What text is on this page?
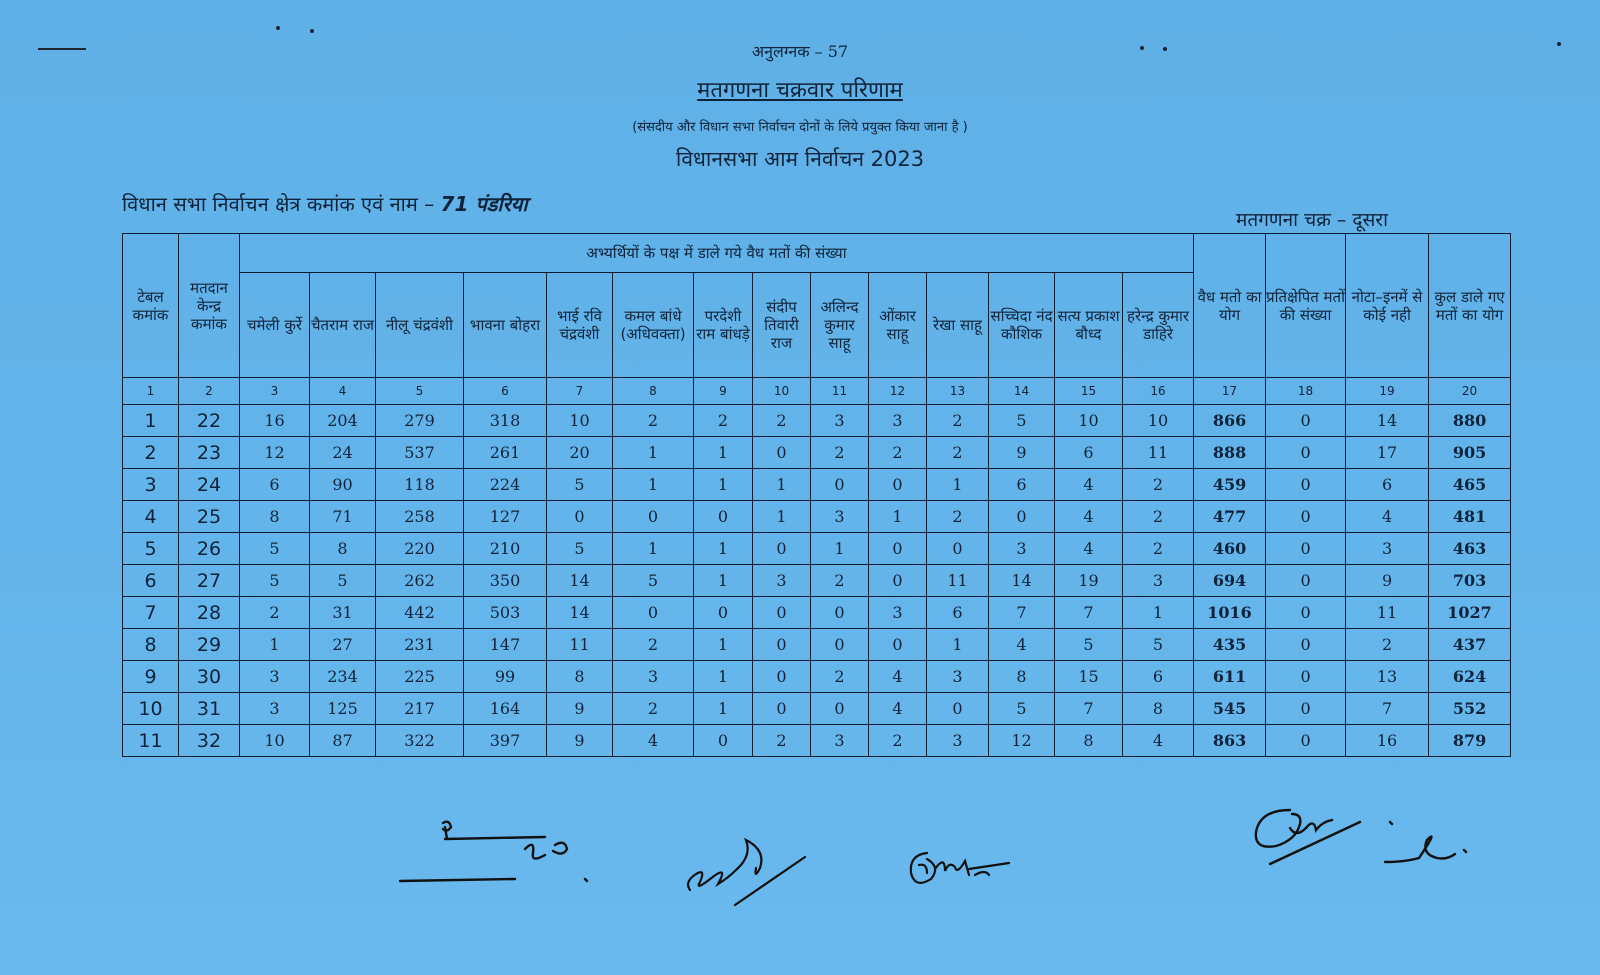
अनुलग्नक – 57
मतगणना चक्रवार परिणाम
(संसदीय और विधान सभा निर्वाचन दोनों के लिये प्रयुक्त किया जाना है )
विधानसभा आम निर्वाचन 2023
विधान सभा निर्वाचन क्षेत्र कमांक एवं नाम – 71 पंडरिया
मतगणना चक्र – दूसरा
टेबल कमांक	मतदान केन्द्र कमांक	अभ्यर्थियों के पक्ष में डाले गये वैध मतों की संख्या														वैध मतो का योग	प्रतिक्षेपित मतों की संख्या	नोटा–इनमें से कोई नही	कुल डाले गए मतों का योग
		चमेली कुर्रे	चैतराम राज	नीलू चंद्रवंशी	भावना बोहरा	भाई रवि चंद्रवंशी	कमल बांधे (अधिवक्ता)	परदेशी राम बांधड़े	संदीप तिवारी राज	अलिन्द कुमार साहू	ओंकार साहू	रेखा साहू	सच्चिदा नंद कौशिक	सत्य प्रकाश बौध्द	हरेन्द्र कुमार डाहिरे				
1	2	3	4	5	6	7	8	9	10	11	12	13	14	15	16	17	18	19	20
1	22	16	204	279	318	10	2	2	2	3	3	2	5	10	10	866	0	14	880
2	23	12	24	537	261	20	1	1	0	2	2	2	9	6	11	888	0	17	905
3	24	6	90	118	224	5	1	1	1	0	0	1	6	4	2	459	0	6	465
4	25	8	71	258	127	0	0	0	1	3	1	2	0	4	2	477	0	4	481
5	26	5	8	220	210	5	1	1	0	1	0	0	3	4	2	460	0	3	463
6	27	5	5	262	350	14	5	1	3	2	0	11	14	19	3	694	0	9	703
7	28	2	31	442	503	14	0	0	0	0	3	6	7	7	1	1016	0	11	1027
8	29	1	27	231	147	11	2	1	0	0	0	1	4	5	5	435	0	2	437
9	30	3	234	225	99	8	3	1	0	2	4	3	8	15	6	611	0	13	624
10	31	3	125	217	164	9	2	1	0	0	4	0	5	7	8	545	0	7	552
11	32	10	87	322	397	9	4	0	2	3	2	3	12	8	4	863	0	16	879
